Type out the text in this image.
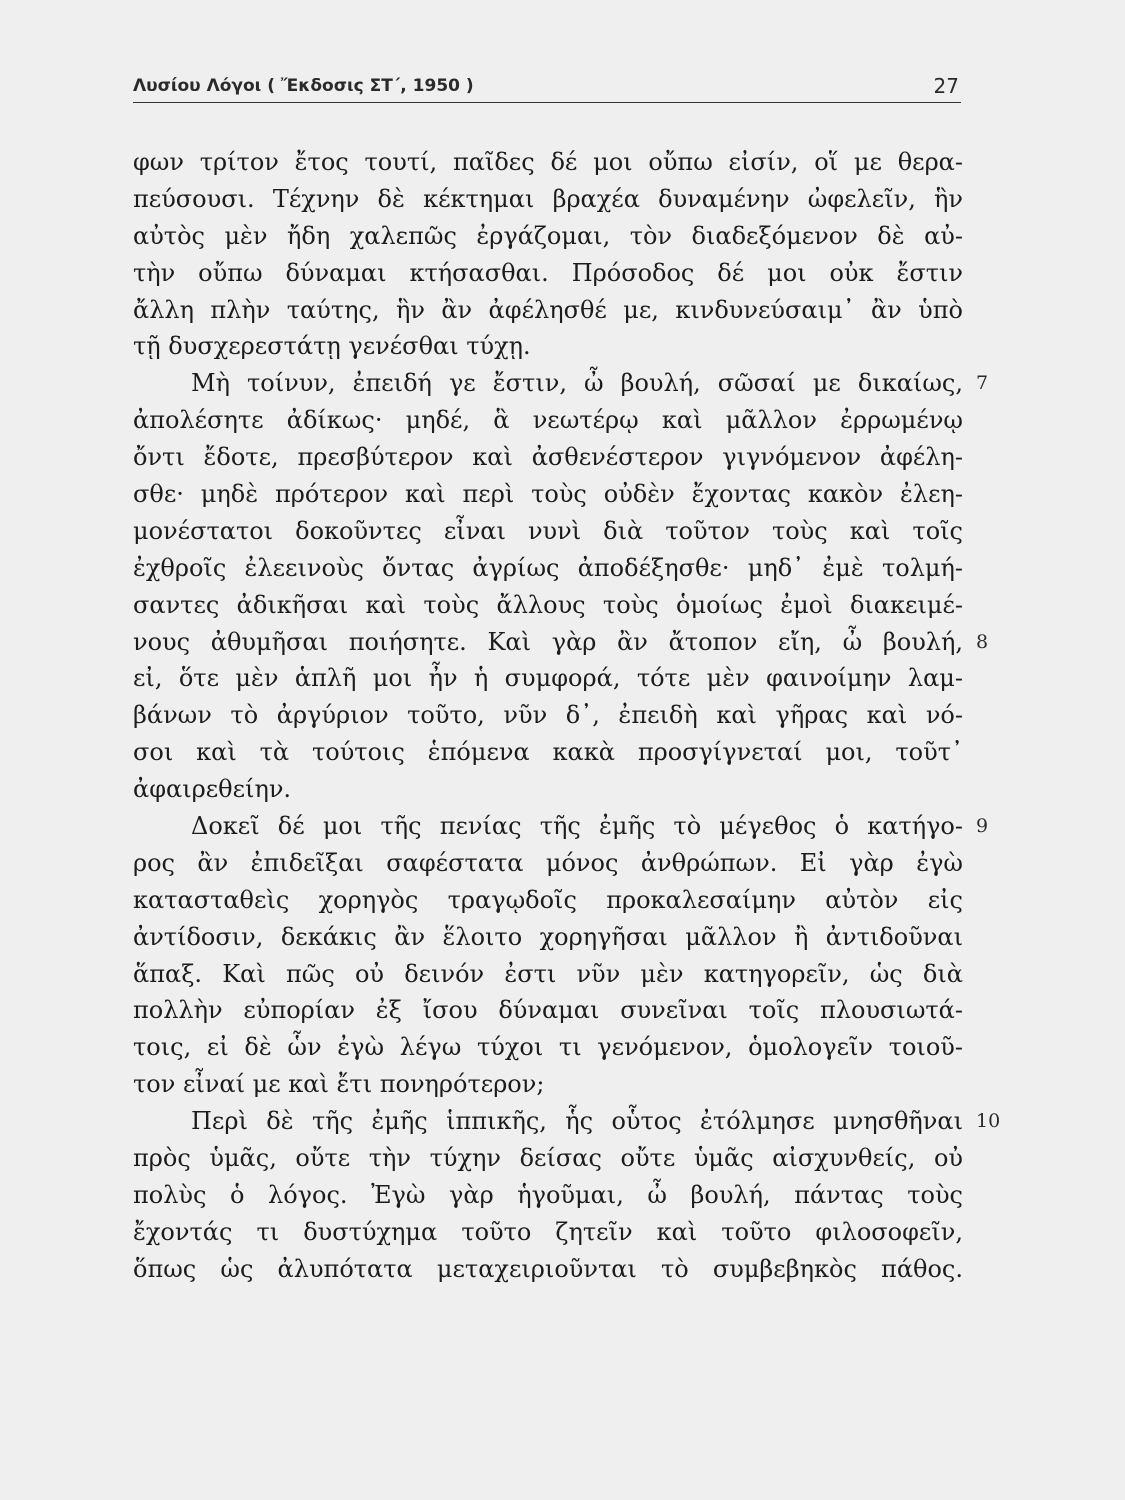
Λυσίου Λόγοι ( Ἔκδοσις ΣΤ΄, 1950 )	27
φων τρίτον ἔτος τουτί, παῖδες δέ μοι οὔπω εἰσίν, οἵ με θερα-
πεύσουσι. Τέχνην δὲ κέκτημαι βραχέα δυναμένην ὠφελεῖν, ἣν
αὐτὸς μὲν ἤδη χαλεπῶς ἐργάζομαι, τὸν διαδεξόμενον δὲ αὐ-
τὴν οὔπω δύναμαι κτήσασθαι. Πρόσοδος δέ μοι οὐκ ἔστιν
ἄλλη πλὴν ταύτης, ἣν ἂν ἀφέλησθέ με, κινδυνεύσαιμ᾽ ἂν ὑπὸ
τῇ δυσχερεστάτῃ γενέσθαι τύχῃ.
Μὴ τοίνυν, ἐπειδή γε ἔστιν, ὦ βουλή, σῶσαί με δικαίως, 7
ἀπολέσητε ἀδίκως· μηδέ, ἃ νεωτέρῳ καὶ μᾶλλον ἐρρωμένῳ
ὄντι ἔδοτε, πρεσβύτερον καὶ ἀσθενέστερον γιγνόμενον ἀφέλη-
σθε· μηδὲ πρότερον καὶ περὶ τοὺς οὐδὲν ἔχοντας κακὸν ἐλεη-
μονέστατοι δοκοῦντες εἶναι νυνὶ διὰ τοῦτον τοὺς καὶ τοῖς
ἐχθροῖς ἐλεεινοὺς ὄντας ἀγρίως ἀποδέξησθε· μηδ᾽ ἐμὲ τολμή-
σαντες ἀδικῆσαι καὶ τοὺς ἄλλους τοὺς ὁμοίως ἐμοὶ διακειμέ-
νους ἀθυμῆσαι ποιήσητε. Καὶ γὰρ ἂν ἄτοπον εἴη, ὦ βουλή, 8
εἰ, ὅτε μὲν ἁπλῆ μοι ἦν ἡ συμφορά, τότε μὲν φαινοίμην λαμ-
βάνων τὸ ἀργύριον τοῦτο, νῦν δ᾽, ἐπειδὴ καὶ γῆρας καὶ νό-
σοι καὶ τὰ τούτοις ἑπόμενα κακὰ προσγίγνεταί μοι, τοῦτ᾽
ἀφαιρεθείην.
Δοκεῖ δέ μοι τῆς πενίας τῆς ἐμῆς τὸ μέγεθος ὁ κατήγο- 9
ρος ἂν ἐπιδεῖξαι σαφέστατα μόνος ἀνθρώπων. Εἰ γὰρ ἐγὼ
κατασταθεὶς χορηγὸς τραγῳδοῖς προκαλεσαίμην αὐτὸν εἰς
ἀντίδοσιν, δεκάκις ἂν ἕλοιτο χορηγῆσαι μᾶλλον ἢ ἀντιδοῦναι
ἅπαξ. Καὶ πῶς οὐ δεινόν ἐστι νῦν μὲν κατηγορεῖν, ὡς διὰ
πολλὴν εὐπορίαν ἐξ ἴσου δύναμαι συνεῖναι τοῖς πλουσιωτά-
τοις, εἰ δὲ ὧν ἐγὼ λέγω τύχοι τι γενόμενον, ὁμολογεῖν τοιοῦ-
τον εἶναί με καὶ ἔτι πονηρότερον;
Περὶ δὲ τῆς ἐμῆς ἱππικῆς, ἧς οὗτος ἐτόλμησε μνησθῆναι 10
πρὸς ὑμᾶς, οὔτε τὴν τύχην δείσας οὔτε ὑμᾶς αἰσχυνθείς, οὐ
πολὺς ὁ λόγος. Ἐγὼ γὰρ ἡγοῦμαι, ὦ βουλή, πάντας τοὺς
ἔχοντάς τι δυστύχημα τοῦτο ζητεῖν καὶ τοῦτο φιλοσοφεῖν,
ὅπως ὡς ἀλυπότατα μεταχειριοῦνται τὸ συμβεβηκὸς πάθος.
